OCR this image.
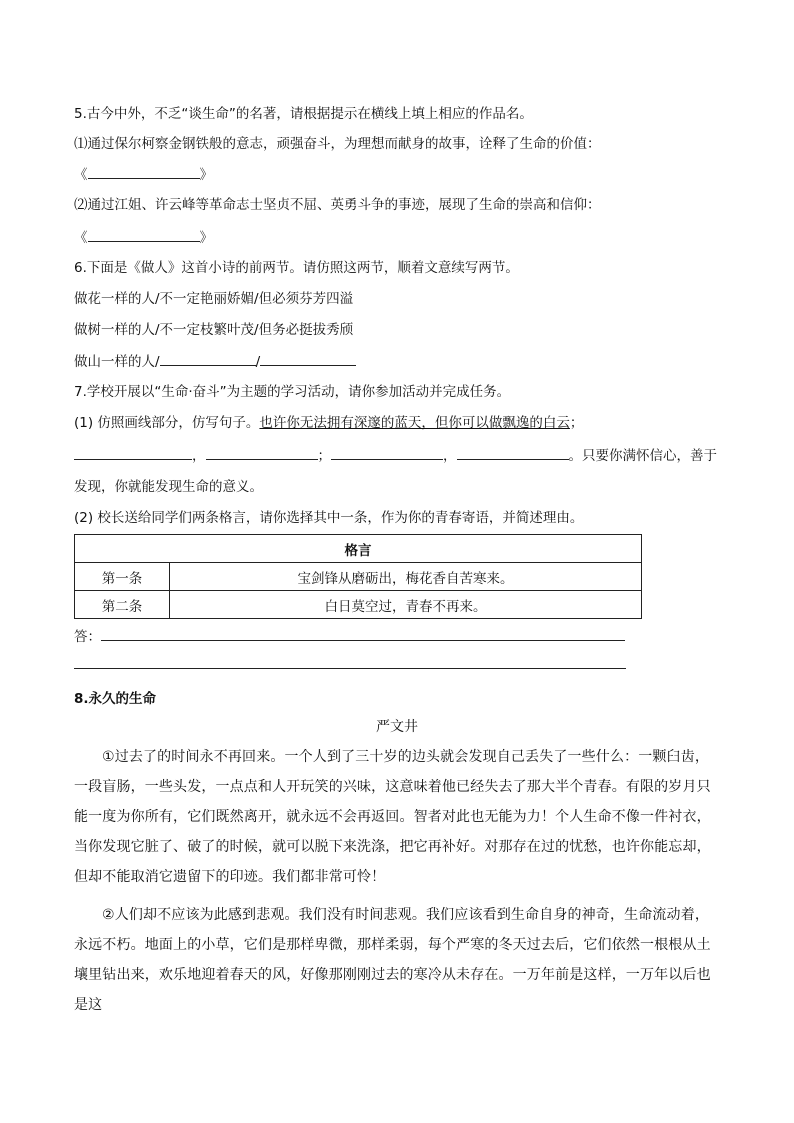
5.古今中外，不乏“谈生命”的名著，请根据提示在横线上填上相应的作品名。
⑴通过保尔柯察金钢铁般的意志，顽强奋斗，为理想而献身的故事，诠释了生命的价值：
《	》
⑵通过江姐、许云峰等革命志士坚贞不屈、英勇斗争的事迹，展现了生命的崇高和信仰：
《	》
6.下面是《做人》这首小诗的前两节。请仿照这两节，顺着文意续写两节。
做花一样的人/不一定艳丽娇媚/但必须芬芳四溢
做树一样的人/不一定枝繁叶茂/但务必挺拔秀颀
做山一样的人/	/
7.学校开展以“生命·奋斗”为主题的学习活动，请你参加活动并完成任务。
(1) 仿照画线部分，仿写句子。也许你无法拥有深邃的蓝天，但你可以做飘逸的白云；
，	；	，	。只要你满怀信心，善于
发现，你就能发现生命的意义。
(2) 校长送给同学们两条格言，请你选择其中一条，作为你的青春寄语，并简述理由。
格言	
第一条	宝剑锋从磨砺出，梅花香自苦寒来。
第二条	白日莫空过，青春不再来。
答：
8.永久的生命
严文井
①过去了的时间永不再回来。一个人到了三十岁的边头就会发现自己丢失了一些什么：一颗臼齿，一段盲肠，一些头发，一点点和人开玩笑的兴味，这意味着他已经失去了那大半个青春。有限的岁月只能一度为你所有，它们既然离开，就永远不会再返回。智者对此也无能为力！个人生命不像一件衬衣，当你发现它脏了、破了的时候，就可以脱下来洗涤，把它再补好。对那存在过的忧愁，也许你能忘却，但却不能取消它遗留下的印迹。我们都非常可怜！
②人们却不应该为此感到悲观。我们没有时间悲观。我们应该看到生命自身的神奇，生命流动着，永远不朽。地面上的小草，它们是那样卑微，那样柔弱，每个严寒的冬天过去后，它们依然一根根从土壤里钻出来，欢乐地迎着春天的风，好像那刚刚过去的寒冷从未存在。一万年前是这样，一万年以后也是这
